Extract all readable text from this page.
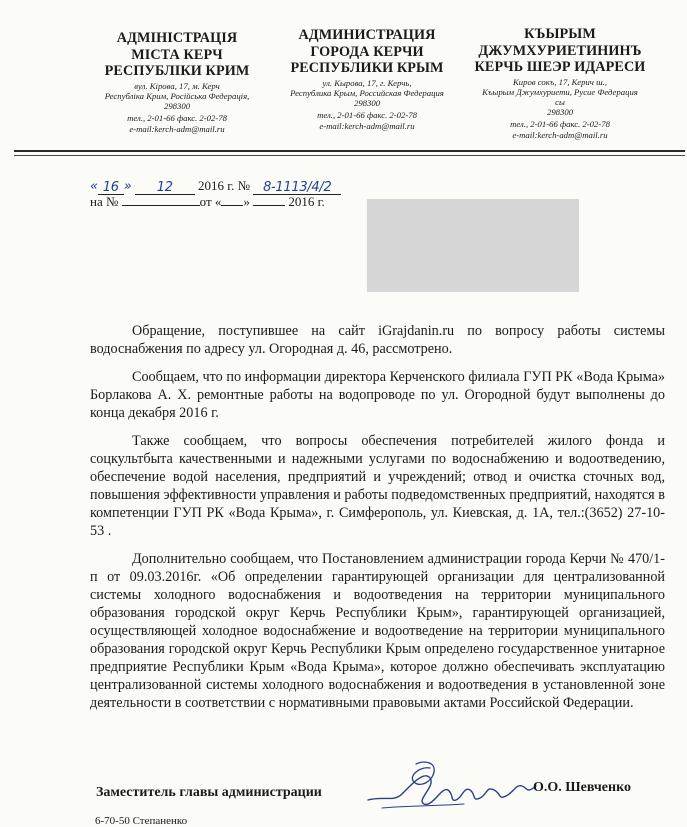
АДМІНІСТРАЦІЯ
МІСТА КЕРЧ
РЕСПУБЛІКИ КРИМ
вул. Кірова, 17, м. Керч
Республіка Крим, Російська Федерація,
298300
тел., 2-01-66 факс. 2-02-78
e-mail:kerch-adm@mail.ru
АДМИНИСТРАЦИЯ
ГОРОДА КЕРЧИ
РЕСПУБЛИКИ КРЫМ
ул. Кырова, 17, г. Керчь,
Республика Крым, Российская Федерация
298300
тел., 2-01-66 факс. 2-02-78
e-mail:kerch-adm@mail.ru
КЪЫРЫМ
ДЖУМХУРИЕТИНИНЪ
КЕРЧЬ ШЕЭР ИДАРЕСИ
Киров сокъ, 17, Керич ш.,
Къырым Джумхуриети, Русие Федерация
сы
298300
тел., 2-01-66 факс. 2-02-78
e-mail:kerch-adm@mail.ru
« 16 » 12 2016 г. № 8-1113/4/2
на №	от « »	2016 г.

Обращение, поступившее на сайт iGrajdanin.ru по вопросу работы системы водоснабжения по адресу ул. Огородная д. 46, рассмотрено.

Сообщаем, что по информации директора Керченского филиала ГУП РК «Вода Крыма» Борлакова А. Х. ремонтные работы на водопроводе по ул. Огородной будут выполнены до конца декабря 2016 г.

Также сообщаем, что вопросы обеспечения потребителей жилого фонда и соцкультбыта качественными и надежными услугами по водоснабжению и водоотведению, обеспечение водой населения, предприятий и учреждений; отвод и очистка сточных вод, повышения эффективности управления и работы подведомственных предприятий, находятся в компетенции ГУП РК «Вода Крыма», г. Симферополь, ул. Киевская, д. 1А, тел.:(3652) 27-10-53 .

Дополнительно сообщаем, что Постановлением администрации города Керчи № 470/1-п от 09.03.2016г. «Об определении гарантирующей организации для централизованной системы холодного водоснабжения и водоотведения на территории муниципального образования городской округ Керчь Республики Крым», гарантирующей организацией, осуществляющей холодное водоснабжение и водоотведение на территории муниципального образования городской округ Керчь Республики Крым определено государственное унитарное предприятие Республики Крым «Вода Крыма», которое должно обеспечивать эксплуатацию централизованной системы холодного водоснабжения и водоотведения в установленной зоне деятельности в соответствии с нормативными правовыми актами Российской Федерации.

Заместитель главы администрации	О.О. Шевченко
6-70-50 Степаненко
